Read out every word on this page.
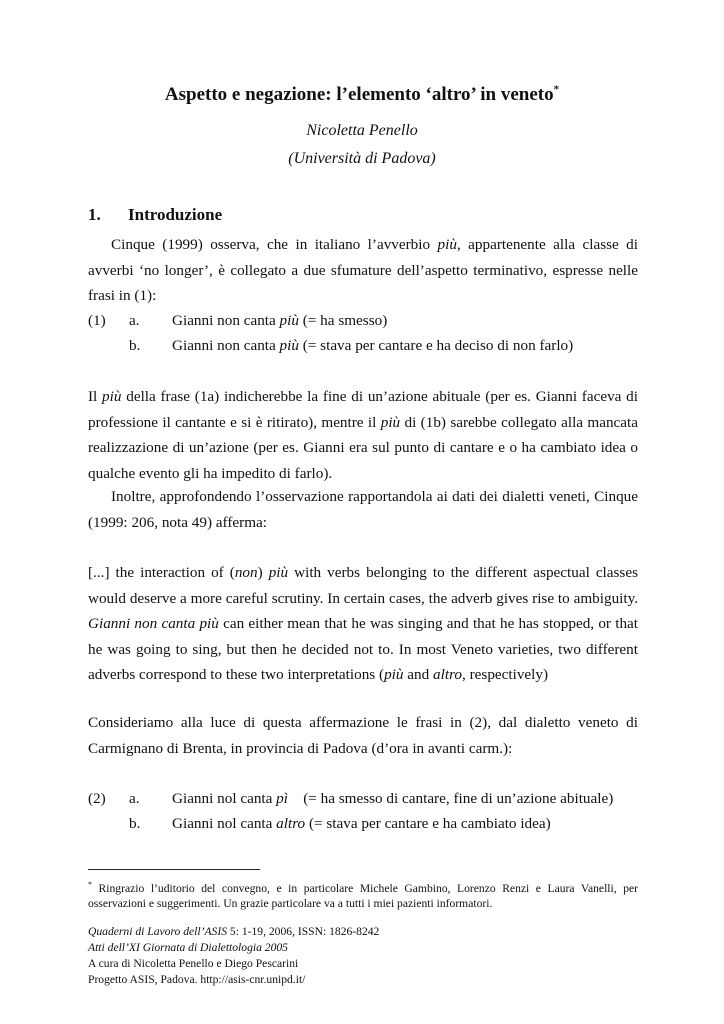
Aspetto e negazione: l’elemento ‘altro’ in veneto*
Nicoletta Penello
(Università di Padova)
1. Introduzione
Cinque (1999) osserva, che in italiano l’avverbio più, appartenente alla classe di avverbi ‘no longer’, è collegato a due sfumature dell’aspetto terminativo, espresse nelle frasi in (1):
(1) a. Gianni non canta più (= ha smesso)
b. Gianni non canta più (= stava per cantare e ha deciso di non farlo)
Il più della frase (1a) indicherebbe la fine di un’azione abituale (per es. Gianni faceva di professione il cantante e si è ritirato), mentre il più di (1b) sarebbe collegato alla mancata realizzazione di un’azione (per es. Gianni era sul punto di cantare e o ha cambiato idea o qualche evento gli ha impedito di farlo).
Inoltre, approfondendo l’osservazione rapportandola ai dati dei dialetti veneti, Cinque (1999: 206, nota 49) afferma:
[...] the interaction of (non) più with verbs belonging to the different aspectual classes would deserve a more careful scrutiny. In certain cases, the adverb gives rise to ambiguity. Gianni non canta più can either mean that he was singing and that he has stopped, or that he was going to sing, but then he decided not to. In most Veneto varieties, two different adverbs correspond to these two interpretations (più and altro, respectively)
Consideriamo alla luce di questa affermazione le frasi in (2), dal dialetto veneto di Carmignano di Brenta, in provincia di Padova (d’ora in avanti carm.):
(2) a. Gianni nol canta pì    (= ha smesso di cantare, fine di un’azione abituale)
b. Gianni nol canta altro (= stava per cantare e ha cambiato idea)
* Ringrazio l’uditorio del convegno, e in particolare Michele Gambino, Lorenzo Renzi e Laura Vanelli, per osservazioni e suggerimenti. Un grazie particolare va a tutti i miei pazienti informatori.
Quaderni di Lavoro dell’ASIS 5: 1-19, 2006, ISSN: 1826-8242
Atti dell’XI Giornata di Dialettologia 2005
A cura di Nicoletta Penello e Diego Pescarini
Progetto ASIS, Padova. http://asis-cnr.unipd.it/
